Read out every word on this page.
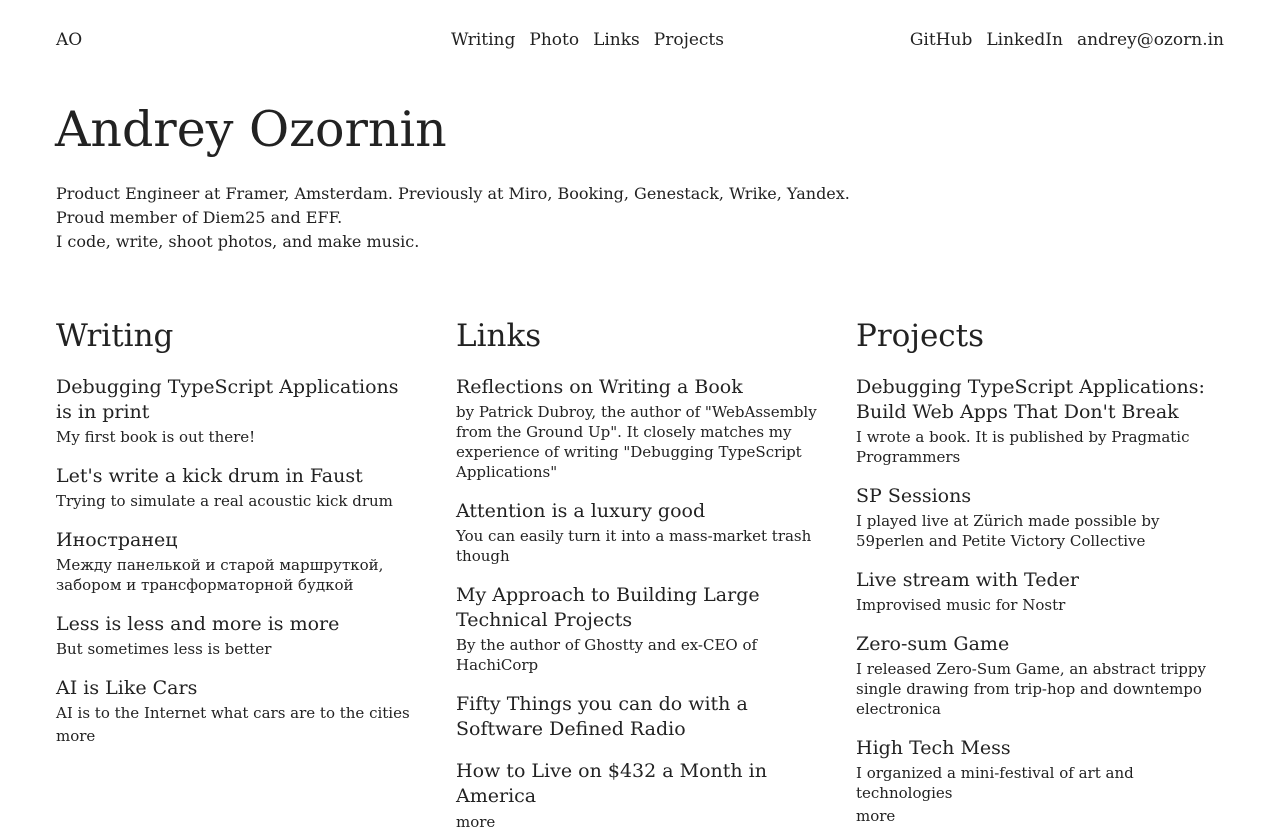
AO	Writing Photo Links Projects	GitHub LinkedIn andrey@ozorn.in
Andrey Ozornin
Product Engineer at Framer, Amsterdam. Previously at Miro, Booking, Genestack, Wrike, Yandex.
Proud member of Diem25 and EFF.
I code, write, shoot photos, and make music.
Writing
Debugging TypeScript Applications is in print
My first book is out there!
Let's write a kick drum in Faust
Trying to simulate a real acoustic kick drum
Иностранец
Между панелькой и старой маршруткой, забором и трансформаторной будкой
Less is less and more is more
But sometimes less is better
AI is Like Cars
AI is to the Internet what cars are to the cities
more
Links
Reflections on Writing a Book
by Patrick Dubroy, the author of "WebAssembly from the Ground Up". It closely matches my experience of writing "Debugging TypeScript Applications"
Attention is a luxury good
You can easily turn it into a mass-market trash though
My Approach to Building Large Technical Projects
By the author of Ghostty and ex-CEO of HachiCorp
Fifty Things you can do with a Software Defined Radio
How to Live on $432 a Month in America
more
Projects
Debugging TypeScript Applications: Build Web Apps That Don't Break
I wrote a book. It is published by Pragmatic Programmers
SP Sessions
I played live at Zürich made possible by 59perlen and Petite Victory Collective
Live stream with Teder
Improvised music for Nostr
Zero-sum Game
I released Zero-Sum Game, an abstract trippy single drawing from trip-hop and downtempo electronica
High Tech Mess
I organized a mini-festival of art and technologies
more
